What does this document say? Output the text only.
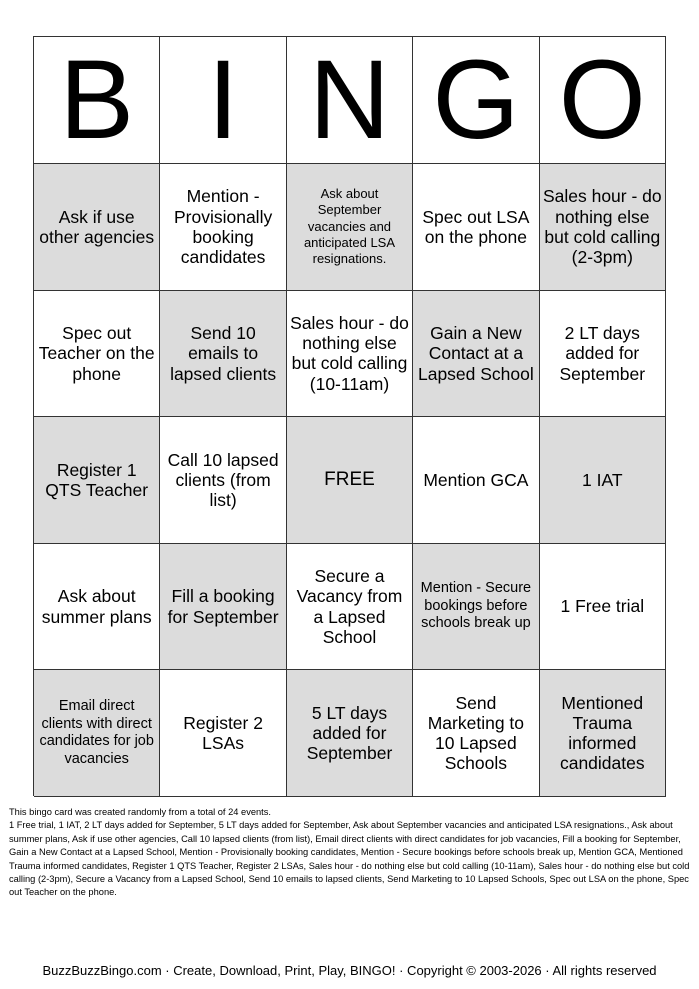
B I N G O
Ask if use other agencies
Mention - Provisionally booking candidates
Ask about September vacancies and anticipated LSA resignations.
Spec out LSA on the phone
Sales hour - do nothing else but cold calling (2-3pm)
Spec out Teacher on the phone
Send 10 emails to lapsed clients
Sales hour - do nothing else but cold calling (10-11am)
Gain a New Contact at a Lapsed School
2 LT days added for September
Register 1 QTS Teacher
Call 10 lapsed clients (from list)
FREE	Mention GCA	1 IAT
Ask about summer plans
Fill a booking for September
Secure a Vacancy from a Lapsed School
Mention - Secure bookings before schools break up
1 Free trial
Email direct clients with direct candidates for job vacancies
Register 2 LSAs
5 LT days added for September
Send Marketing to 10 Lapsed Schools
Mentioned Trauma informed candidates

This bingo card was created randomly from a total of 24 events.

1 Free trial, 1 IAT, 2 LT days added for September, 5 LT days added for September, Ask about September vacancies and anticipated LSA resignations., Ask about summer plans, Ask if use other agencies, Call 10 lapsed clients (from list), Email direct clients with direct candidates for job vacancies, Fill a booking for September, Gain a New Contact at a Lapsed School, Mention - Provisionally booking candidates, Mention - Secure bookings before schools break up, Mention GCA, Mentioned Trauma informed candidates, Register 1 QTS Teacher, Register 2 LSAs, Sales hour - do nothing else but cold calling (10-11am), Sales hour - do nothing else but cold calling (2-3pm), Secure a Vacancy from a Lapsed School, Send 10 emails to lapsed clients, Send Marketing to 10 Lapsed Schools, Spec out LSA on the phone, Spec out Teacher on the phone.

BuzzBuzzBingo.com · Create, Download, Print, Play, BINGO! · Copyright © 2003-2026 · All rights reserved
